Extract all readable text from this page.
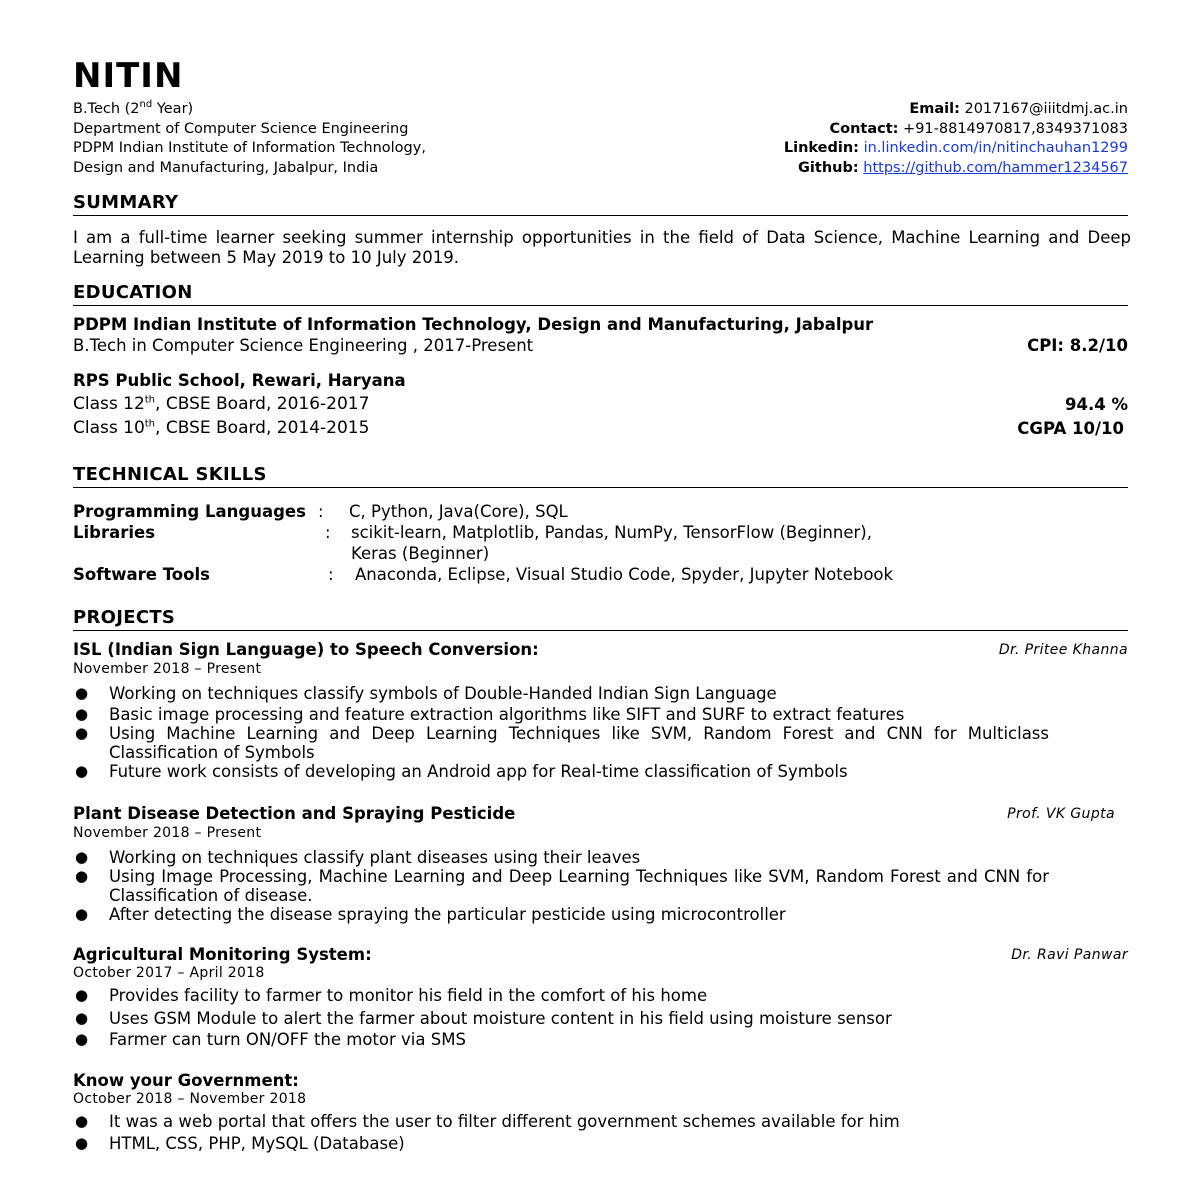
NITIN
B.Tech (2nd Year)
Department of Computer Science Engineering
PDPM Indian Institute of Information Technology,
Design and Manufacturing, Jabalpur, India
Email: 2017167@iiitdmj.ac.in
Contact: +91-8814970817,8349371083
Linkedin: in.linkedin.com/in/nitinchauhan1299
Github: https://github.com/hammer1234567
SUMMARY
I am a full-time learner seeking summer internship opportunities in the field of Data Science, Machine Learning and Deep Learning between 5 May 2019 to 10 July 2019.
EDUCATION
PDPM Indian Institute of Information Technology, Design and Manufacturing, Jabalpur
B.Tech in Computer Science Engineering , 2017-Present	CPI: 8.2/10
RPS Public School, Rewari, Haryana
Class 12th, CBSE Board, 2016-2017	94.4 %
Class 10th, CBSE Board, 2014-2015	CGPA 10/10
TECHNICAL SKILLS
Programming Languages : C, Python, Java(Core), SQL
Libraries	: scikit-learn, Matplotlib, Pandas, NumPy, TensorFlow (Beginner),
Keras (Beginner)
Software Tools	: Anaconda, Eclipse, Visual Studio Code, Spyder, Jupyter Notebook
PROJECTS
ISL (Indian Sign Language) to Speech Conversion:	Dr. Pritee Khanna
November 2018 – Present
● Working on techniques classify symbols of Double-Handed Indian Sign Language
● Basic image processing and feature extraction algorithms like SIFT and SURF to extract features
● Using Machine Learning and Deep Learning Techniques like SVM, Random Forest and CNN for Multiclass Classification of Symbols
● Future work consists of developing an Android app for Real-time classification of Symbols
Plant Disease Detection and Spraying Pesticide	Prof. VK Gupta
November 2018 – Present
● Working on techniques classify plant diseases using their leaves
● Using Image Processing, Machine Learning and Deep Learning Techniques like SVM, Random Forest and CNN for Classification of disease.
● After detecting the disease spraying the particular pesticide using microcontroller
Agricultural Monitoring System:	Dr. Ravi Panwar
October 2017 – April 2018
● Provides facility to farmer to monitor his field in the comfort of his home
● Uses GSM Module to alert the farmer about moisture content in his field using moisture sensor
● Farmer can turn ON/OFF the motor via SMS
Know your Government:
October 2018 – November 2018
● It was a web portal that offers the user to filter different government schemes available for him
● HTML, CSS, PHP, MySQL (Database)
